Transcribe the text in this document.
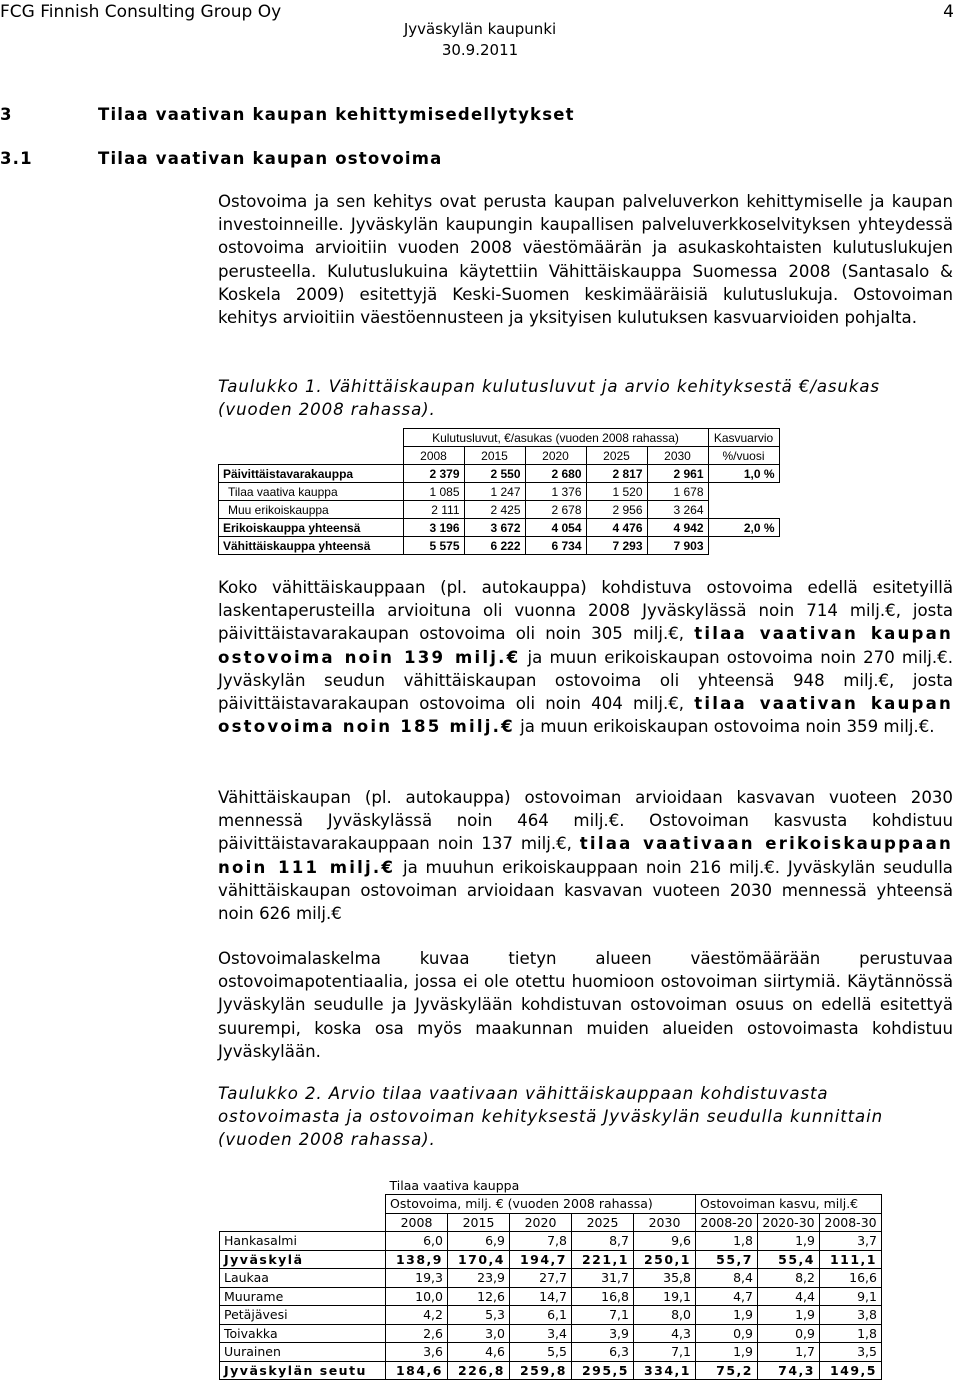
FCG Finnish Consulting Group Oy	4
Jyväskylän kaupunki
30.9.2011
3	Tilaa vaativan kaupan kehittymisedellytykset
3.1	Tilaa vaativan kaupan ostovoima

Ostovoima ja sen kehitys ovat perusta kaupan palveluverkon kehittymiselle ja kaupan investoinneille. Jyväskylän kaupungin kaupallisen palveluverkkoselvityksen yhteydessä ostovoima arvioitiin vuoden 2008 väestömäärän ja asukaskohtaisten kulutuslukujen perusteella. Kulutuslukuina käytettiin Vähittäiskauppa Suomessa 2008 (Santasalo & Koskela 2009) esitettyjä Keski-Suomen keskimääräisiä kulutuslukuja. Ostovoiman kehitys arvioitiin väestöennusteen ja yksityisen kulutuksen kasvuarvioiden pohjalta.

Taulukko 1. Vähittäiskaupan kulutusluvut ja arvio kehityksestä €/asukas (vuoden 2008 rahassa).

	Kulutusluvut, €/asukas (vuoden 2008 rahassa)					Kasvuarvio
	2008	2015	2020	2025	2030	%/vuosi
Päivittäistavarakauppa	2 379	2 550	2 680	2 817	2 961	1,0 %
Tilaa vaativa kauppa	1 085	1 247	1 376	1 520	1 678	
Muu erikoiskauppa	2 111	2 425	2 678	2 956	3 264	
Erikoiskauppa yhteensä	3 196	3 672	4 054	4 476	4 942	2,0 %
Vähittäiskauppa yhteensä	5 575	6 222	6 734	7 293	7 903	

Koko vähittäiskauppaan (pl. autokauppa) kohdistuva ostovoima edellä esitetyillä laskentaperusteilla arvioituna oli vuonna 2008 Jyväskylässä noin 714 milj.€, josta päivittäistavarakaupan ostovoima oli noin 305 milj.€, tilaa vaativan kaupan ostovoima noin 139 milj.€ ja muun erikoiskaupan ostovoima noin 270 milj.€. Jyväskylän seudun vähittäiskaupan ostovoima oli yhteensä 948 milj.€, josta päivittäistavarakaupan ostovoima oli noin 404 milj.€, tilaa vaativan kaupan ostovoima noin 185 milj.€ ja muun erikoiskaupan ostovoima noin 359 milj.€.

Vähittäiskaupan (pl. autokauppa) ostovoiman arvioidaan kasvavan vuoteen 2030 mennessä Jyväskylässä noin 464 milj.€. Ostovoiman kasvusta kohdistuu päivittäistavarakauppaan noin 137 milj.€, tilaa vaativaan erikoiskauppaan noin 111 milj.€ ja muuhun erikoiskauppaan noin 216 milj.€. Jyväskylän seudulla vähittäiskaupan ostovoiman arvioidaan kasvavan vuoteen 2030 mennessä yhteensä noin 626 milj.€

Ostovoimalaskelma kuvaa tietyn alueen väestömäärään perustuvaa ostovoimapotentiaalia, jossa ei ole otettu huomioon ostovoiman siirtymiä. Käytännössä Jyväskylän seudulle ja Jyväskylään kohdistuvan ostovoiman osuus on edellä esitettyä suurempi, koska osa myös maakunnan muiden alueiden ostovoimasta kohdistuu Jyväskylään.

Taulukko 2. Arvio tilaa vaativaan vähittäiskauppaan kohdistuvasta ostovoimasta ja ostovoiman kehityksestä Jyväskylän seudulla kunnittain (vuoden 2008 rahassa).

	Tilaa vaativa kauppa							
	Ostovoima, milj. € (vuoden 2008 rahassa)					Ostovoiman kasvu, milj.€		
	2008	2015	2020	2025	2030	2008-20	2020-30	2008-30
Hankasalmi	6,0	6,9	7,8	8,7	9,6	1,8	1,9	3,7
Jyväskylä	138,9	170,4	194,7	221,1	250,1	55,7	55,4	111,1
Laukaa	19,3	23,9	27,7	31,7	35,8	8,4	8,2	16,6
Muurame	10,0	12,6	14,7	16,8	19,1	4,7	4,4	9,1
Petäjävesi	4,2	5,3	6,1	7,1	8,0	1,9	1,9	3,8
Toivakka	2,6	3,0	3,4	3,9	4,3	0,9	0,9	1,8
Uurainen	3,6	4,6	5,5	6,3	7,1	1,9	1,7	3,5
Jyväskylän seutu	184,6	226,8	259,8	295,5	334,1	75,2	74,3	149,5
